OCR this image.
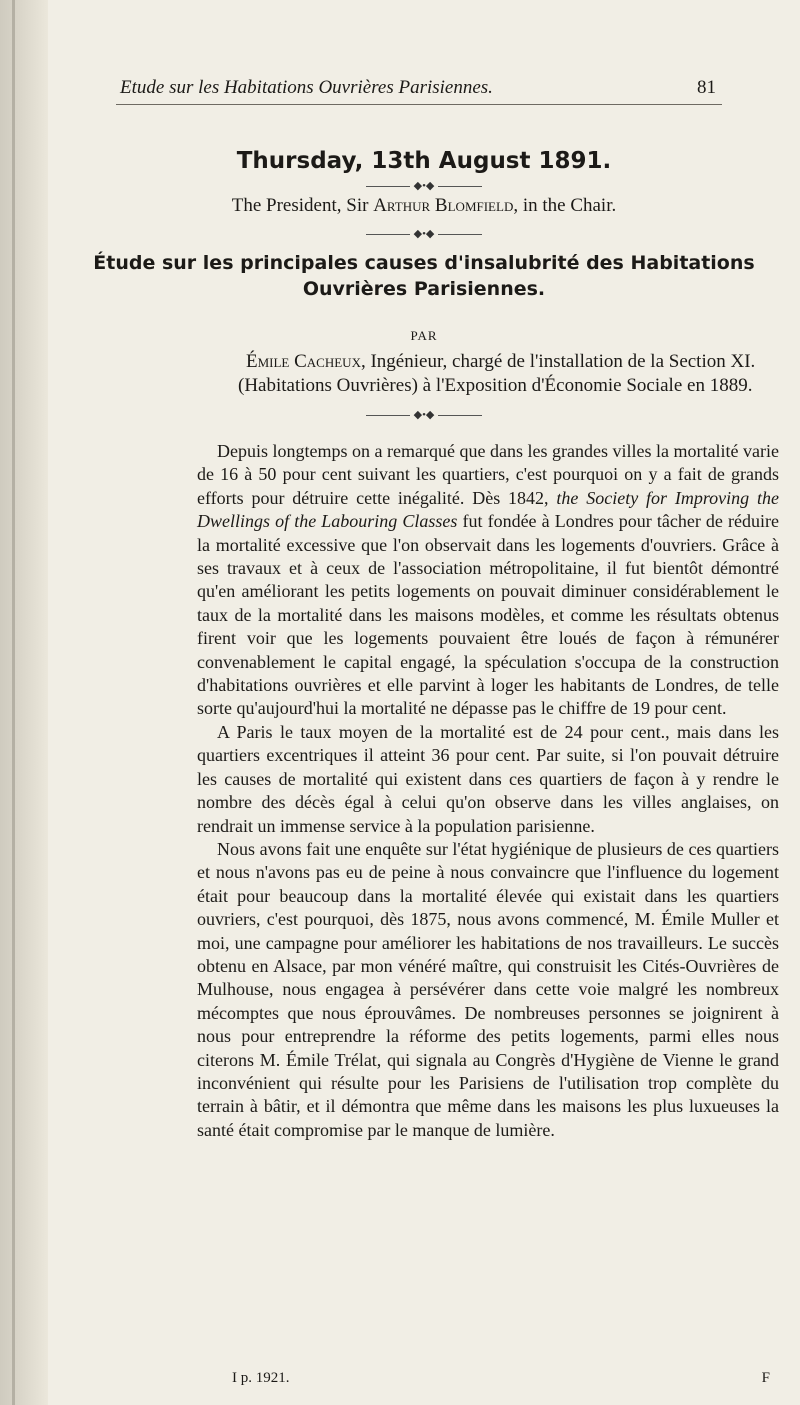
Etude sur les Habitations Ouvrières Parisiennes.	81
Thursday, 13th August 1891.
◆•◆
The President, Sir Arthur Blomfield, in the Chair.
◆•◆
Étude sur les principales causes d'insalubrité des Habitations
Ouvrières Parisiennes.
PAR
Émile Cacheux, Ingénieur, chargé de l'installation de la Section XI.
(Habitations Ouvrières) à l'Exposition d'Économie Sociale en 1889.
◆•◆

Depuis longtemps on a remarqué que dans les grandes villes la mortalité varie de 16 à 50 pour cent suivant les quartiers, c'est pourquoi on y a fait de grands efforts pour détruire cette inégalité. Dès 1842, the Society for Improving the Dwellings of the Labouring Classes fut fondée à Londres pour tâcher de réduire la mortalité excessive que l'on observait dans les logements d'ouvriers. Grâce à ses travaux et à ceux de l'association métropolitaine, il fut bientôt démontré qu'en améliorant les petits logements on pouvait diminuer considérablement le taux de la mortalité dans les maisons modèles, et comme les résultats obtenus firent voir que les logements pouvaient être loués de façon à rémunérer convenablement le capital engagé, la spéculation s'occupa de la construction d'habitations ouvrières et elle parvint à loger les habitants de Londres, de telle sorte qu'aujourd'hui la mortalité ne dépasse pas le chiffre de 19 pour cent.

A Paris le taux moyen de la mortalité est de 24 pour cent., mais dans les quartiers excentriques il atteint 36 pour cent. Par suite, si l'on pouvait détruire les causes de mortalité qui existent dans ces quartiers de façon à y rendre le nombre des décès égal à celui qu'on observe dans les villes anglaises, on rendrait un immense service à la population parisienne.

Nous avons fait une enquête sur l'état hygiénique de plusieurs de ces quartiers et nous n'avons pas eu de peine à nous convaincre que l'influence du logement était pour beaucoup dans la mortalité élevée qui existait dans les quartiers ouvriers, c'est pourquoi, dès 1875, nous avons commencé, M. Émile Muller et moi, une campagne pour améliorer les habitations de nos travailleurs. Le succès obtenu en Alsace, par mon vénéré maître, qui construisit les Cités-Ouvrières de Mulhouse, nous engagea à persévérer dans cette voie malgré les nombreux mécomptes que nous éprouvâmes. De nombreuses personnes se joignirent à nous pour entreprendre la réforme des petits logements, parmi elles nous citerons M. Émile Trélat, qui signala au Congrès d'Hygiène de Vienne le grand inconvénient qui résulte pour les Parisiens de l'utilisation trop complète du terrain à bâtir, et il démontra que même dans les maisons les plus luxueuses la santé était compromise par le manque de lumière.

I p. 1921.	F
